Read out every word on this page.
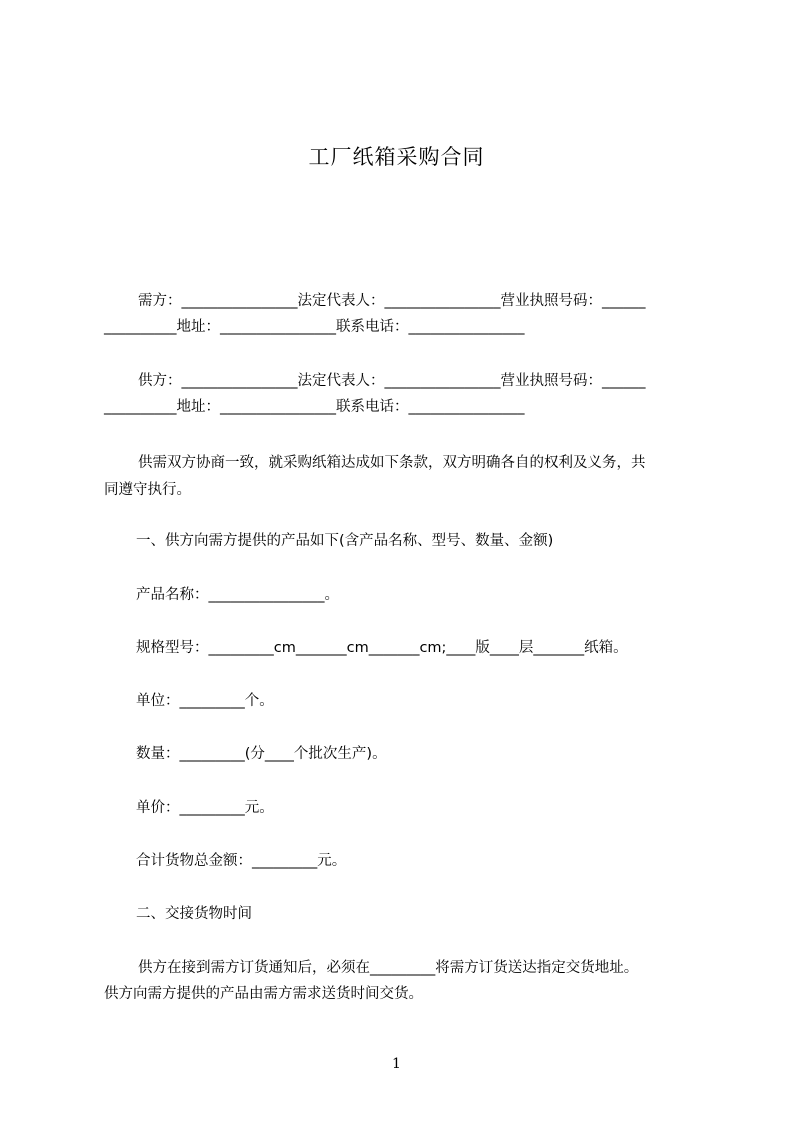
工厂纸箱采购合同
需方：________________法定代表人：________________营业执照号码：______
__________地址：________________联系电话：________________
供方：________________法定代表人：________________营业执照号码：______
__________地址：________________联系电话：________________
供需双方协商一致，就采购纸箱达成如下条款，双方明确各自的权利及义务，共
同遵守执行。
一、供方向需方提供的产品如下(含产品名称、型号、数量、金额)
产品名称：________________。
规格型号：_________cm_______cm_______cm;____版____层_______纸箱。
单位：_________个。
数量：_________(分____个批次生产)。
单价：_________元。
合计货物总金额：_________元。
二、交接货物时间
供方在接到需方订货通知后，必须在_________将需方订货送达指定交货地址。
供方向需方提供的产品由需方需求送货时间交货。
1
